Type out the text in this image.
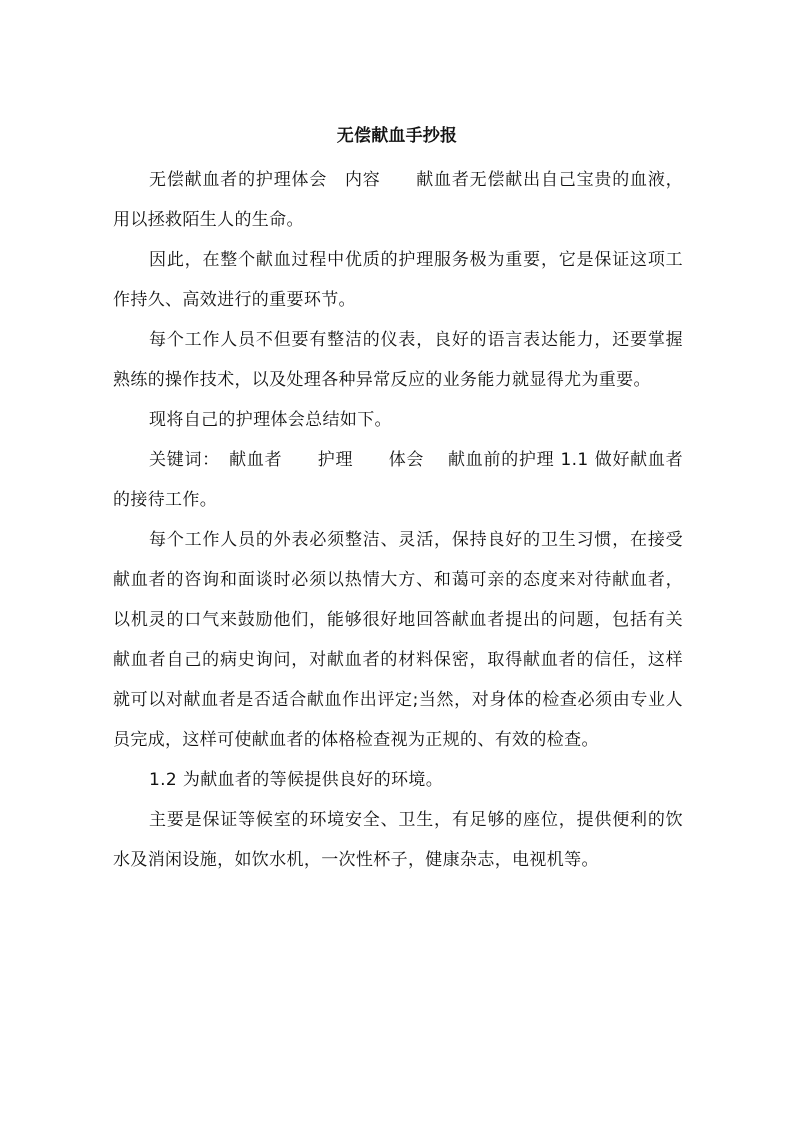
无偿献血手抄报

无偿献血者的护理体会　内容　　献血者无偿献出自己宝贵的血液，用以拯救陌生人的生命。

因此，在整个献血过程中优质的护理服务极为重要，它是保证这项工作持久、高效进行的重要环节。

每个工作人员不但要有整洁的仪表，良好的语言表达能力，还要掌握熟练的操作技术，以及处理各种异常反应的业务能力就显得尤为重要。

现将自己的护理体会总结如下。

关键词：　献血者　　护理　　体会　 献血前的护理 1.1 做好献血者的接待工作。

每个工作人员的外表必须整洁、灵活，保持良好的卫生习惯，在接受献血者的咨询和面谈时必须以热情大方、和蔼可亲的态度来对待献血者，以机灵的口气来鼓励他们，能够很好地回答献血者提出的问题，包括有关献血者自己的病史询问，对献血者的材料保密，取得献血者的信任，这样就可以对献血者是否适合献血作出评定;当然，对身体的检查必须由专业人员完成，这样可使献血者的体格检查视为正规的、有效的检查。

1.2 为献血者的等候提供良好的环境。

主要是保证等候室的环境安全、卫生，有足够的座位，提供便利的饮水及消闲设施，如饮水机，一次性杯子，健康杂志，电视机等。
